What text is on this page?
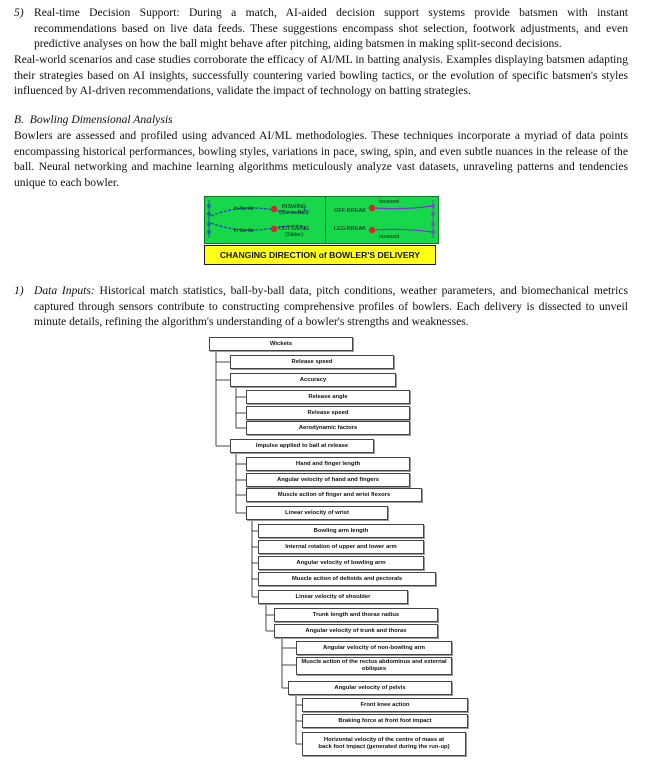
5) Real-time Decision Support: During a match, AI-aided decision support systems provide batsmen with instant recommendations based on live data feeds. These suggestions encompass shot selection, footwork adjustments, and even predictive analyses on how the ball might behave after pitching, aiding batsmen in making split-second decisions.

Real-world scenarios and case studies corroborate the efficacy of AI/ML in batting analysis. Examples displaying batsmen adapting their strategies based on AI insights, successfully countering varied bowling tactics, or the evolution of specific batsmen's styles influenced by AI-driven recommendations, validate the impact of technology on batting strategies.

B. Bowling Dimensional Analysis

Bowlers are assessed and profiled using advanced AI/ML methodologies. These techniques incorporate a myriad of data points encompassing historical performances, bowling styles, variations in pace, swing, spin, and even subtle nuances in the release of the ball. Neural networking and machine learning algorithms meticulously analyze vast datasets, unraveling patterns and tendencies unique to each bowler.

In the Air	INSWING
(Curve Ball)
In the Air	OUTSWING
(Slider)
OFF-BREAK
LEG-BREAK
bounced
bounced
CHANGING DIRECTION of BOWLER'S DELIVERY
1) Data Inputs: Historical match statistics, ball-by-ball data, pitch conditions, weather parameters, and biomechanical metrics captured through sensors contribute to constructing comprehensive profiles of bowlers. Each delivery is dissected to unveil minute details, refining the algorithm's understanding of a bowler's strengths and weaknesses.
Wickets
Release speed
Accuracy
Release angle
Release speed
Aerodynamic factors
Impulse applied to ball at release
Hand and finger length
Angular velocity of hand and fingers
Muscle action of finger and wrist flexors
Linear velocity of wrist
Bowling arm length
Internal rotation of upper and lower arm
Angular velocity of bowling arm
Muscle action of deltoids and pectorals
Linear velocity of shoulder
Trunk length and thorax radius
Angular velocity of trunk and thorax
Angular velocity of non-bowling arm
Muscle action of the rectus abdominus and external obliques
Angular velocity of pelvis
Front knee action
Braking force at front foot impact
Horizontal velocity of the centre of mass at back foot impact (generated during the run-up)
